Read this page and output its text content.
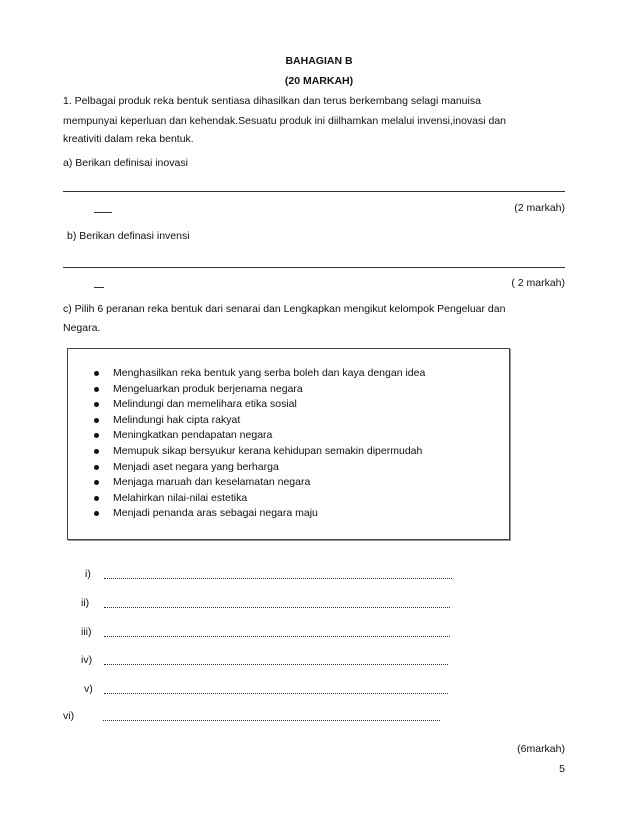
BAHAGIAN B
(20 MARKAH)
1. Pelbagai produk reka bentuk sentiasa dihasilkan dan terus berkembang selagi manuisa
mempunyai keperluan dan kehendak.Sesuatu produk ini diilhamkan melalui invensi,inovasi dan
kreativiti dalam reka bentuk.
a) Berikan definisai inovasi
(2 markah)
b) Berikan definasi invensi
( 2 markah)
c) Pilih 6 peranan reka bentuk dari senarai dan Lengkapkan mengikut kelompok Pengeluar dan
Negara.
Menghasilkan reka bentuk yang serba boleh dan kaya dengan idea
Mengeluarkan produk berjenama negara
Melindungi dan memelihara etika sosial
Melindungi hak cipta rakyat
Meningkatkan pendapatan negara
Memupuk sikap bersyukur kerana kehidupan semakin dipermudah
Menjadi aset negara yang berharga
Menjaga maruah dan keselamatan negara
Melahirkan nilai-nilai estetika
Menjadi penanda aras sebagai negara maju
i)
ii)
iii)
iv)
v)
vi)
(6markah)
5
